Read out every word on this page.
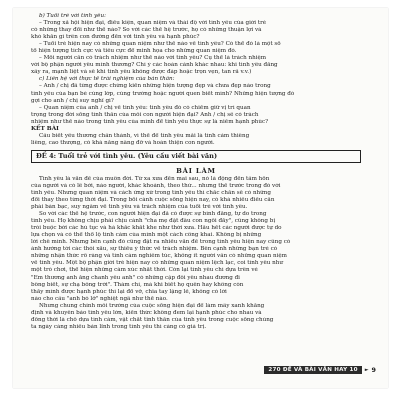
b) Tuổi trẻ với tình yêu:
– Trong xã hội hiện đại, điều kiện, quan niệm và thái độ với tình yêu của giới trẻ
có những thay đổi như thế nào? So với các thế hệ trước, họ có những thuận lợi và
khó khăn gì trên con đường đến với tình yêu và hạnh phúc?
– Tuổi trẻ hiện nay có những quan niệm như thế nào về tình yêu? Có thể đó là một số
tổ hiện tượng tích cực và tiêu cực để minh họa cho những quan niệm đó.
– Mối người cần có trách nhiệm như thế nào với tình yêu? Cụ thể là trách nhiệm
với bộ phận người yêu mình thương? Chỉ ý các hoàn cảnh khác nhau: khi tình yêu đằng
xây ra, mạnh liệt và sẽ khi tình yêu không được đáp hoặc trọn vẹn, tan rã v.v.)
c) Liên hệ với thực tế trải nghiệm của bản thân:
– Anh / chị đã từng được chứng kiến những hiện tượng đẹp và chưa đẹp nào trong
tình yêu của bạn bè cùng lớp, cùng trường hoặc người quen biết mình? Những hiện tượng đó
gợi cho anh / chị suy nghĩ gì?
– Quan niệm của anh / chị về tình yêu: tình yêu đó có chiếm giữ vị trí quan
trọng trong đời sống tình thần của mỗi con người hiện đại? Anh / chị sẽ có trách
nhiệm như thế nào trong tình yêu của mình để tình yêu thực sự là niềm hạnh phúc?
KẾT BÀI
Câu biết yêu thương chân thành, vì thế để tình yêu mãi là tình cảm thiêng
liêng, cao thượng, có khả năng nâng đỡ và hoàn thiện con người.
ĐỀ 4: Tuổi trẻ với tình yêu. (Yêu cầu viết bài văn)
BÀI LÀM
Tình yêu là vấn đề của muôn đời. Từ xa xưa đến mai sau, nó là động đến tâm hồn
của người và có lẽ bởi, nào người, khác khoảnh, theo thứ... nhưng thế trước trong đó với
tình yêu. Nhưng quan niệm và cách ứng xử trong tình yêu thì chắc chắn sẽ có những
đổi thay theo từng thời đại. Trong bối cảnh cuộc sống hiện nay, có khá nhiều điều cần
phải bàn bạc, suy ngẫm về tình yêu và trách nhiệm của tuổi trẻ với tình yêu.
So với các thế hệ trước, con người hiện đại đã có được sự bình đẳng, tự do trong
tình yêu. Họ không chịu phải chịu cảnh "cha mẹ đặt đâu con ngồi đấy", cũng không bị
trói buộc bởi các hủ tục và hà khắc khắt khe như thời xưa. Hầu hết các người được tự do
lựa chọn và có thể thổ lộ tình cảm của mình một cách công khai. Không bị những
lời chê mình. Nhưng bên cạnh đó cũng đặt ra nhiều vấn đề trong tình yêu hiện nay cũng có
ảnh hưởng tới các thói xấu, sự thiếu ý thức về trách nhiệm. Bên cạnh những bạn trẻ có
những nhận thức rõ ràng và tình cảm nghiêm túc, không ít người vẫn có những quan niệm
về tình yêu. Một bộ phận giới trẻ hiện nay có những quan niệm lệch lạc, coi tình yêu như
một trò chơi, thể hiện những cảm xúc nhất thời. Còn lại tình yêu chỉ dựa trên vẻ
"Em thương anh ăng chanh yêu anh" có những cặp đôi yêu nhau đương đi
bông biết, sự chạ bông trời". Thảm chí, mà khi biết họ quên hay không còn
thấy mình được hạnh phúc thì lại đổ vỡ, chia tay lặng lẽ, không có lời
nào cho câu "anh bỏ lỡ" nghiệt ngã như thế nào.
Nhưng chung chính mỗi trường của cuộc sống hiện đại để làm mây xanh khẳng
định và khuyên bảo tình yêu lớn, kiến thức không đem lại hạnh phúc cho nhau và
đồng thời là chỗ dựa tình cảm, vật chất tinh thần của tình yêu trong cuộc sống chúng
ta ngày càng nhiều bản lĩnh trong tình yêu thì càng có giá trị.
270 ĐỀ VÀ BÀI VĂN HAY 10	► 9
